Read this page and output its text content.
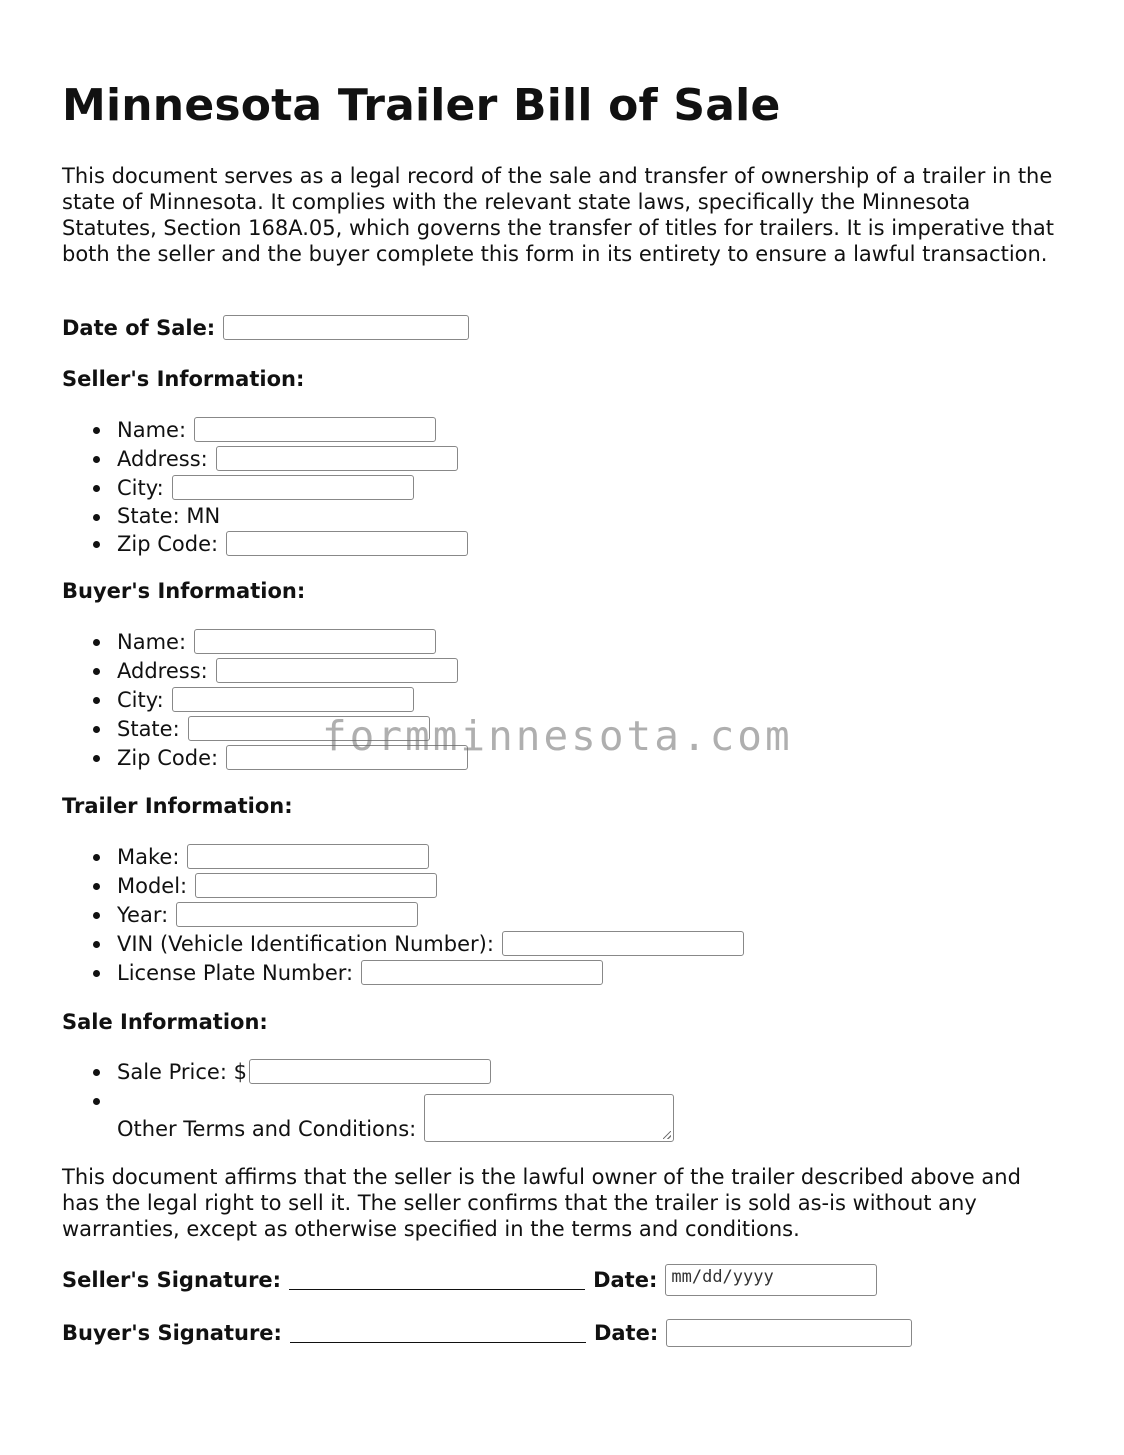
Minnesota Trailer Bill of Sale

This document serves as a legal record of the sale and transfer of ownership of a trailer in the state of Minnesota. It complies with the relevant state laws, specifically the Minnesota Statutes, Section 168A.05, which governs the transfer of titles for trailers. It is imperative that both the seller and the buyer complete this form in its entirety to ensure a lawful transaction.

Date of Sale:
Seller's Information:
Name:
Address:
City:
State: MN
Zip Code:
Buyer's Information:
Name:
Address:
City:
State:
Zip Code:
Trailer Information:
Make:
Model:
Year:
VIN (Vehicle Identification Number):
License Plate Number:
Sale Information:
Sale Price: $
Other Terms and Conditions:

This document affirms that the seller is the lawful owner of the trailer described above and has the legal right to sell it. The seller confirms that the trailer is sold as-is without any warranties, except as otherwise specified in the terms and conditions.

Seller's Signature:	Date: mm/dd/yyyy
Buyer's Signature:	Date:
formminnesota.com
